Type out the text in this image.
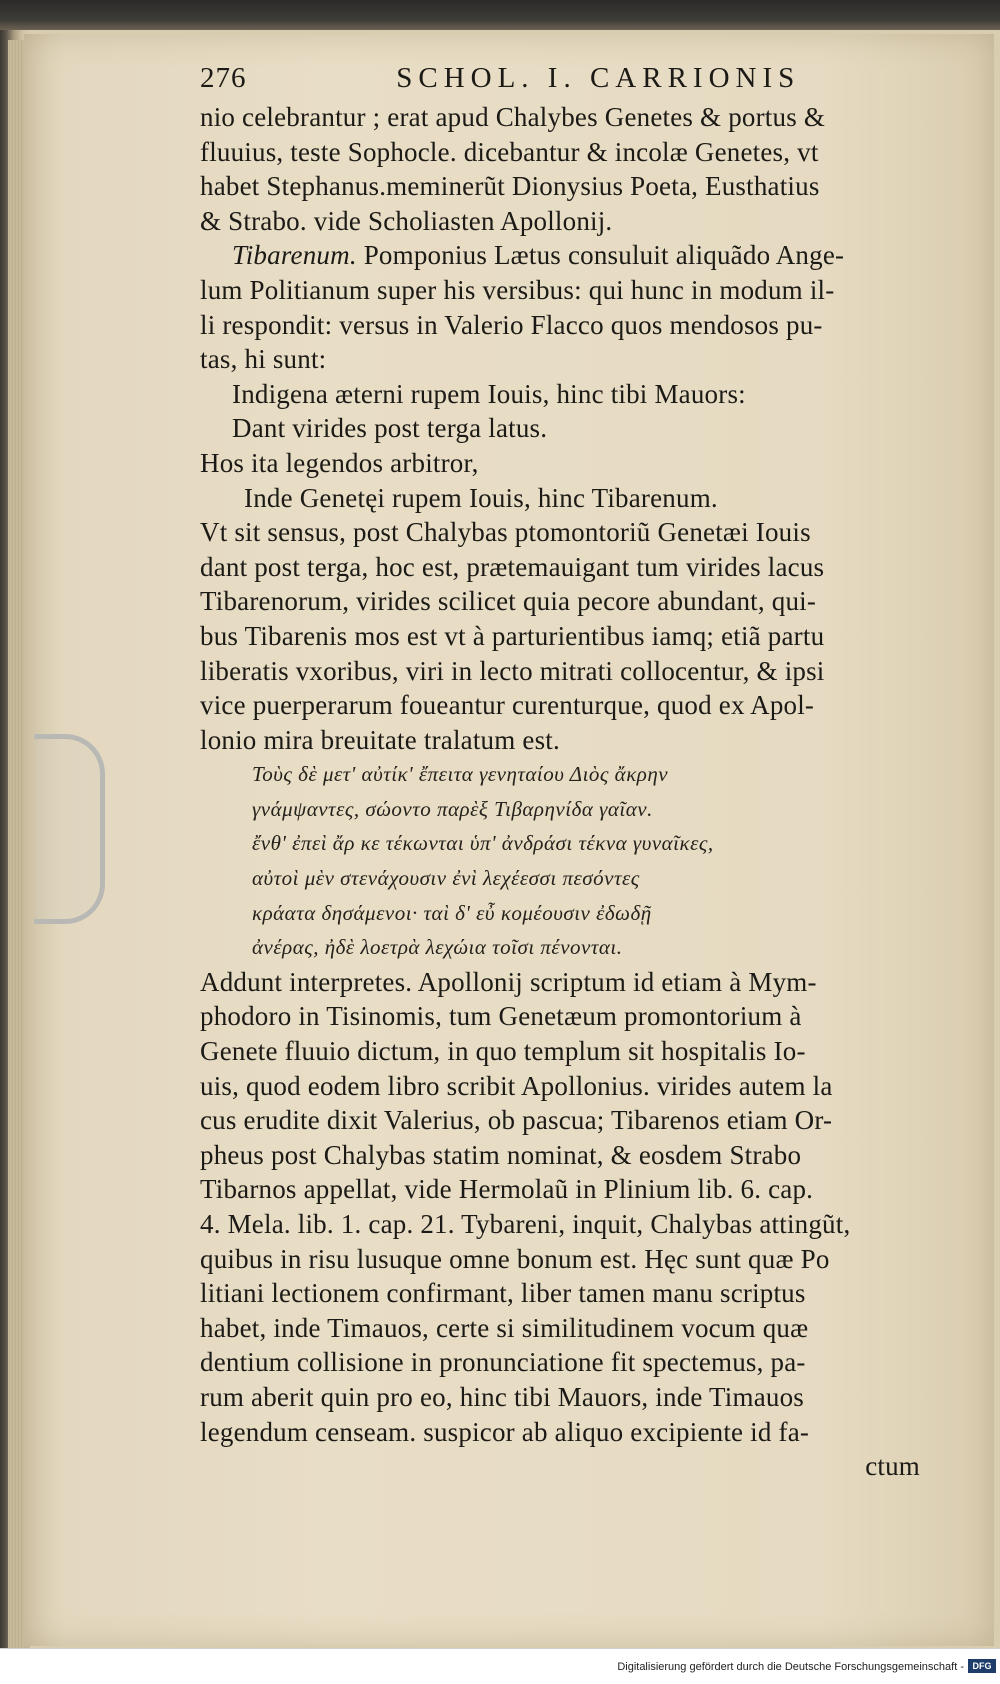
276	SCHOL. I. CARRIONIS
nio celebrantur ; erat apud Chalybes Genetes & portus &
fluuius, teste Sophocle. dicebantur & incolæ Genetes, vt
habet Stephanus.meminerũt Dionysius Poeta, Eusthatius
& Strabo. vide Scholiasten Apollonij.
Tibarenum. Pomponius Lætus consuluit aliquãdo Ange-
lum Politianum super his versibus: qui hunc in modum il-
li respondit: versus in Valerio Flacco quos mendosos pu-
tas, hi sunt:
Indigena æterni rupem Iouis, hinc tibi Mauors:
Dant virides post terga latus.
Hos ita legendos arbitror,
Inde Genetęi rupem Iouis, hinc Tibarenum.
Vt sit sensus, post Chalybas ptomontoriũ Genetæi Iouis
dant post terga, hoc est, prætemauigant tum virides lacus
Tibarenorum, virides scilicet quia pecore abundant, qui-
bus Tibarenis mos est vt à parturientibus iamq; etiã partu
liberatis vxoribus, viri in lecto mitrati collocentur, & ipsi
vice puerperarum foueantur curenturque, quod ex Apol-
lonio mira breuitate tralatum est.
Τοὺς δὲ μετ' αὐτίκ' ἔπειτα γενηταίου Διὸς ἄκρην
γνάμψαντες, σώοντο παρὲξ Τιβαρηνίδα γαῖαν.
ἔνθ' ἐπεὶ ἄρ κε τέκωνται ὑπ' ἀνδράσι τέκνα γυναῖκες,
αὐτοὶ μὲν στενάχουσιν ἐνὶ λεχέεσσι πεσόντες
κράατα δησάμενοι· ταὶ δ' εὖ κομέουσιν ἐδωδῇ
ἀνέρας, ἠδὲ λοετρὰ λεχώια τοῖσι πένονται.
Addunt interpretes. Apollonij scriptum id etiam à Mym-
phodoro in Tisinomis, tum Genetæum promontorium à
Genete fluuio dictum, in quo templum sit hospitalis Io-
uis, quod eodem libro scribit Apollonius. virides autem la
cus erudite dixit Valerius, ob pascua; Tibarenos etiam Or-
pheus post Chalybas statim nominat, & eosdem Strabo
Tibarnos appellat, vide Hermolaũ in Plinium lib. 6. cap.
4. Mela. lib. 1. cap. 21. Tybareni, inquit, Chalybas attingũt,
quibus in risu lusuque omne bonum est. Hęc sunt quæ Po
litiani lectionem confirmant, liber tamen manu scriptus
habet, inde Timauos, certe si similitudinem vocum quæ
dentium collisione in pronunciatione fit spectemus, pa-
rum aberit quin pro eo, hinc tibi Mauors, inde Timauos
legendum censeam. suspicor ab aliquo excipiente id fa-
ctum
Digitalisierung gefördert durch die Deutsche Forschungsgemeinschaft - DFG
